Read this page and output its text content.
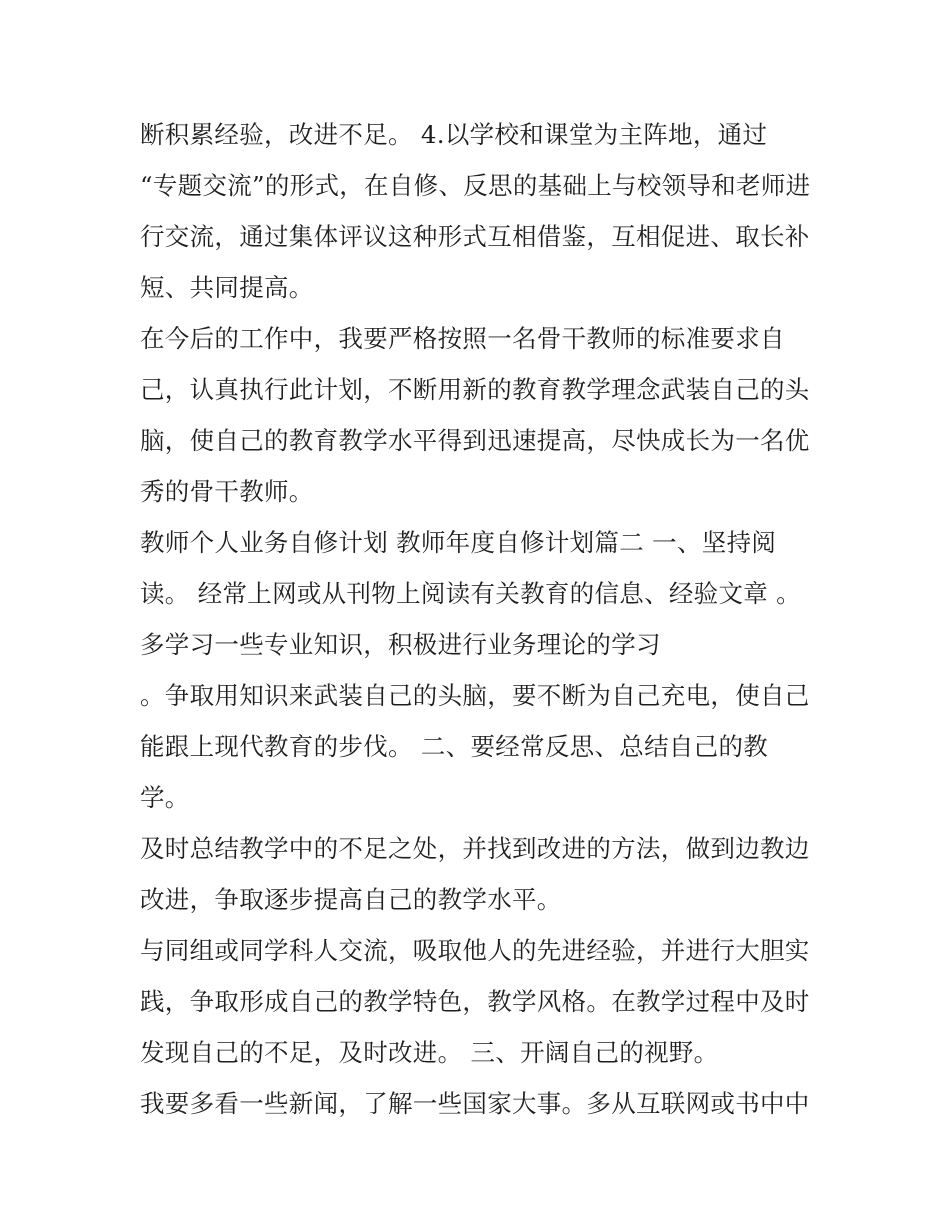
断积累经验，改进不足。 4.以学校和课堂为主阵地，通过
“专题交流”的形式，在自修、反思的基础上与校领导和老师进
行交流，通过集体评议这种形式互相借鉴，互相促进、取长补
短、共同提高。
在今后的工作中，我要严格按照一名骨干教师的标准要求自
己，认真执行此计划，不断用新的教育教学理念武装自己的头
脑，使自己的教育教学水平得到迅速提高，尽快成长为一名优
秀的骨干教师。
教师个人业务自修计划 教师年度自修计划篇二 一、坚持阅
读。 经常上网或从刊物上阅读有关教育的信息、经验文章 。
多学习一些专业知识，积极进行业务理论的学习
。争取用知识来武装自己的头脑，要不断为自己充电，使自己
能跟上现代教育的步伐。 二、要经常反思、总结自己的教
学。
及时总结教学中的不足之处，并找到改进的方法，做到边教边
改进，争取逐步提高自己的教学水平。
与同组或同学科人交流，吸取他人的先进经验，并进行大胆实
践，争取形成自己的教学特色，教学风格。在教学过程中及时
发现自己的不足，及时改进。 三、开阔自己的视野。
我要多看一些新闻，了解一些国家大事。多从互联网或书中中
